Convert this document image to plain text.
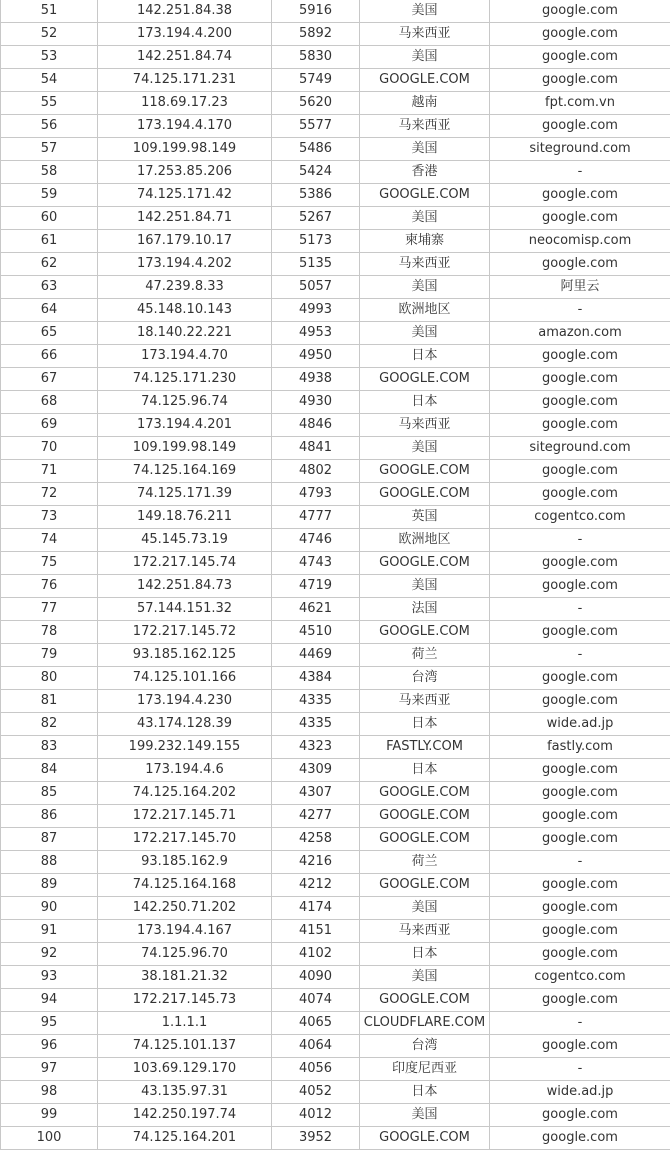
51	142.251.84.38	5916	美国	google.com
52	173.194.4.200	5892	马来西亚	google.com
53	142.251.84.74	5830	美国	google.com
54	74.125.171.231	5749	GOOGLE.COM	google.com
55	118.69.17.23	5620	越南	fpt.com.vn
56	173.194.4.170	5577	马来西亚	google.com
57	109.199.98.149	5486	美国	siteground.com
58	17.253.85.206	5424	香港	-
59	74.125.171.42	5386	GOOGLE.COM	google.com
60	142.251.84.71	5267	美国	google.com
61	167.179.10.17	5173	柬埔寨	neocomisp.com
62	173.194.4.202	5135	马来西亚	google.com
63	47.239.8.33	5057	美国	阿里云
64	45.148.10.143	4993	欧洲地区	-
65	18.140.22.221	4953	美国	amazon.com
66	173.194.4.70	4950	日本	google.com
67	74.125.171.230	4938	GOOGLE.COM	google.com
68	74.125.96.74	4930	日本	google.com
69	173.194.4.201	4846	马来西亚	google.com
70	109.199.98.149	4841	美国	siteground.com
71	74.125.164.169	4802	GOOGLE.COM	google.com
72	74.125.171.39	4793	GOOGLE.COM	google.com
73	149.18.76.211	4777	英国	cogentco.com
74	45.145.73.19	4746	欧洲地区	-
75	172.217.145.74	4743	GOOGLE.COM	google.com
76	142.251.84.73	4719	美国	google.com
77	57.144.151.32	4621	法国	-
78	172.217.145.72	4510	GOOGLE.COM	google.com
79	93.185.162.125	4469	荷兰	-
80	74.125.101.166	4384	台湾	google.com
81	173.194.4.230	4335	马来西亚	google.com
82	43.174.128.39	4335	日本	wide.ad.jp
83	199.232.149.155	4323	FASTLY.COM	fastly.com
84	173.194.4.6	4309	日本	google.com
85	74.125.164.202	4307	GOOGLE.COM	google.com
86	172.217.145.71	4277	GOOGLE.COM	google.com
87	172.217.145.70	4258	GOOGLE.COM	google.com
88	93.185.162.9	4216	荷兰	-
89	74.125.164.168	4212	GOOGLE.COM	google.com
90	142.250.71.202	4174	美国	google.com
91	173.194.4.167	4151	马来西亚	google.com
92	74.125.96.70	4102	日本	google.com
93	38.181.21.32	4090	美国	cogentco.com
94	172.217.145.73	4074	GOOGLE.COM	google.com
95	1.1.1.1	4065	CLOUDFLARE.COM	-
96	74.125.101.137	4064	台湾	google.com
97	103.69.129.170	4056	印度尼西亚	-
98	43.135.97.31	4052	日本	wide.ad.jp
99	142.250.197.74	4012	美国	google.com
100	74.125.164.201	3952	GOOGLE.COM	google.com
